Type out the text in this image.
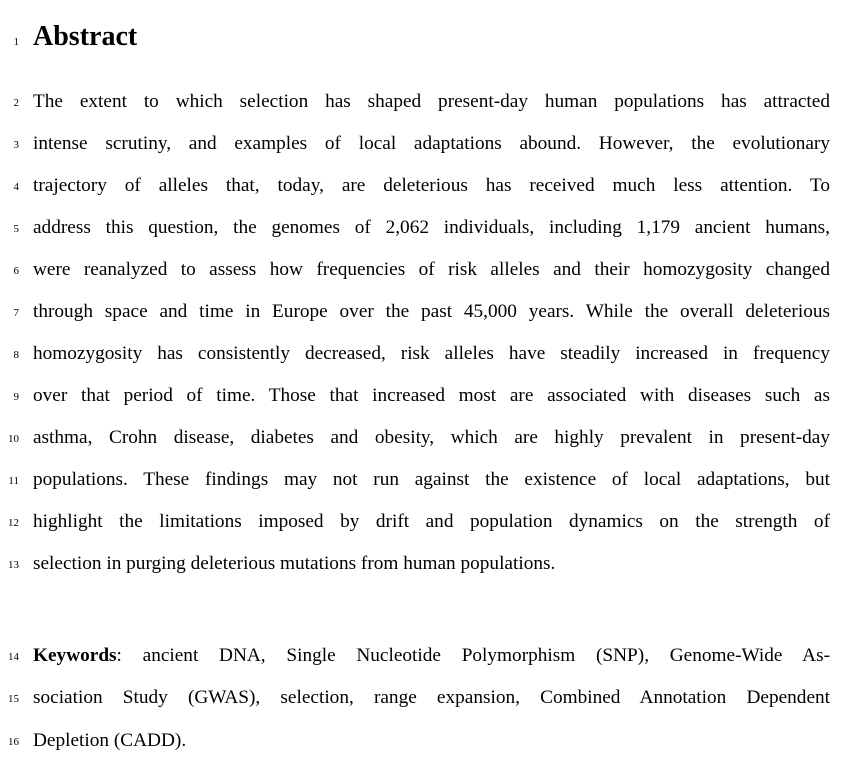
1 Abstract
2 The extent to which selection has shaped present-day human populations has attracted
3 intense scrutiny, and examples of local adaptations abound. However, the evolutionary
4 trajectory of alleles that, today, are deleterious has received much less attention. To
5 address this question, the genomes of 2,062 individuals, including 1,179 ancient humans,
6 were reanalyzed to assess how frequencies of risk alleles and their homozygosity changed
7 through space and time in Europe over the past 45,000 years. While the overall deleterious
8 homozygosity has consistently decreased, risk alleles have steadily increased in frequency
9 over that period of time. Those that increased most are associated with diseases such as
10 asthma, Crohn disease, diabetes and obesity, which are highly prevalent in present-day
11 populations. These findings may not run against the existence of local adaptations, but
12 highlight the limitations imposed by drift and population dynamics on the strength of
13 selection in purging deleterious mutations from human populations.
14 Keywords: ancient DNA, Single Nucleotide Polymorphism (SNP), Genome-Wide As-
15 sociation Study (GWAS), selection, range expansion, Combined Annotation Dependent
16 Depletion (CADD).
